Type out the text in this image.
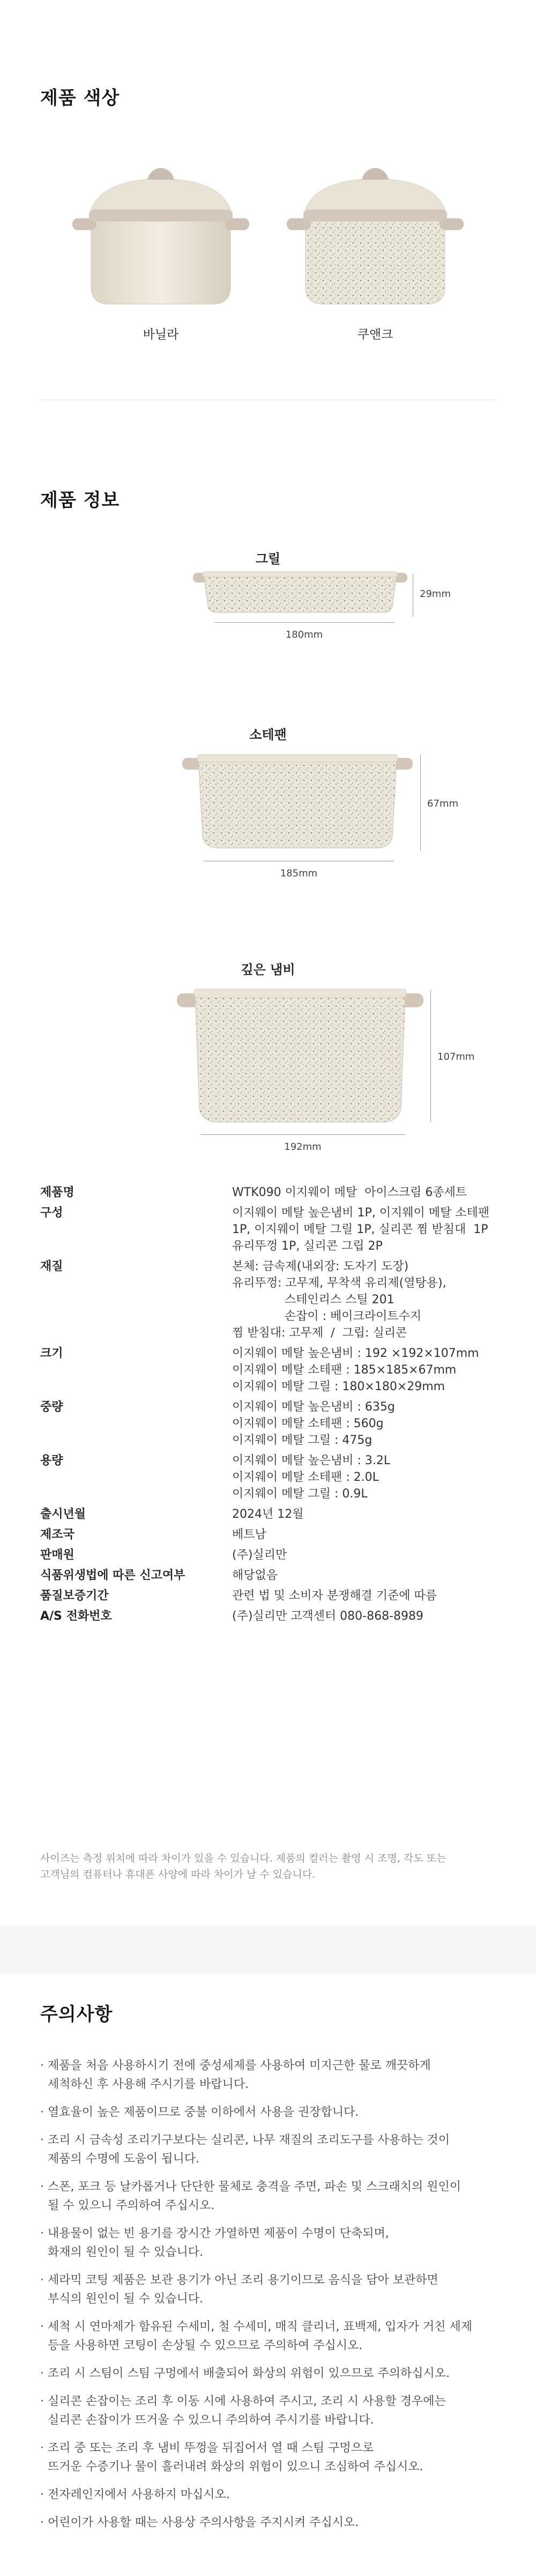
제품 색상
바닐라	쿠앤크
제품 정보
그릴
29mm
180mm
소테팬
67mm
185mm
깊은 냄비
107mm
192mm
제품명	WTK090 이지웨이 메탈  아이스크림 6종세트
구성	이지웨이 메탈 높은냄비 1P, 이지웨이 메탈 소테팬
	1P, 이지웨이 메탈 그릴 1P, 실리콘 찜 받침대  1P
	유리뚜껑 1P, 실리콘 그립 2P
재질	본체: 금속제(내외장: 도자기 도장)
	유리뚜껑: 고무제, 무착색 유리제(열탕용),
	스테인리스 스틸 201
	손잡이 : 베이크라이트수지
	찜 받침대: 고무제  /  그립: 실리콘
크기	이지웨이 메탈 높은냄비 : 192 ×192×107mm
	이지웨이 메탈 소테팬 : 185×185×67mm
	이지웨이 메탈 그릴 : 180×180×29mm
중량	이지웨이 메탈 높은냄비 : 635g
	이지웨이 메탈 소테팬 : 560g
	이지웨이 메탈 그릴 : 475g
용량	이지웨이 메탈 높은냄비 : 3.2L
	이지웨이 메탈 소테팬 : 2.0L
	이지웨이 메탈 그릴 : 0.9L
출시년월	2024년 12월
제조국	베트남
판매원	(주)실리만
식품위생법에 따른 신고여부	해당없음
품질보증기간	관련 법 및 소비자 분쟁해결 기준에 따름
A/S 전화번호	(주)실리만 고객센터 080-868-8989
사이즈는 측정 위치에 따라 차이가 있을 수 있습니다. 제품의 컬러는 촬영 시 조명, 각도 또는
고객님의 컴퓨터나 휴대폰 사양에 따라 차이가 날 수 있습니다.
주의사항
· 제품을 처음 사용하시기 전에 중성세제를 사용하여 미지근한 물로 깨끗하게
세척하신 후 사용해 주시기를 바랍니다.
· 열효율이 높은 제품이므로 중불 이하에서 사용을 권장합니다.
· 조리 시 금속성 조리기구보다는 실리콘, 나무 재질의 조리도구를 사용하는 것이
제품의 수명에 도움이 됩니다.
· 스폰, 포크 등 날카롭거나 단단한 물체로 충격을 주면, 파손 및 스크래치의 원인이
될 수 있으니 주의하여 주십시오.
· 내용물이 없는 빈 용기를 장시간 가열하면 제품이 수명이 단축되며,
화재의 원인이 될 수 있습니다.
· 세라믹 코팅 제품은 보관 용기가 아닌 조리 용기이므로 음식을 담아 보관하면
부식의 원인이 될 수 있습니다.
· 세척 시 연마제가 함유된 수세미, 철 수세미, 매직 클리너, 표백제, 입자가 거친 세제
등을 사용하면 코팅이 손상될 수 있으므로 주의하여 주십시오.
· 조리 시 스팀이 스팀 구멍에서 배출되어 화상의 위험이 있으므로 주의하십시오.
· 실리콘 손잡이는 조리 후 이동 시에 사용하여 주시고, 조리 시 사용할 경우에는
실리콘 손잡이가 뜨거울 수 있으니 주의하여 주시기를 바랍니다.
· 조리 중 또는 조리 후 냄비 뚜껑을 뒤집어서 열 때 스팀 구멍으로
뜨거운 수증기나 물이 흘러내려 화상의 위험이 있으니 조심하여 주십시오.
· 전자레인지에서 사용하지 마십시오.
· 어린이가 사용할 때는 사용상 주의사항을 주지시켜 주십시오.
